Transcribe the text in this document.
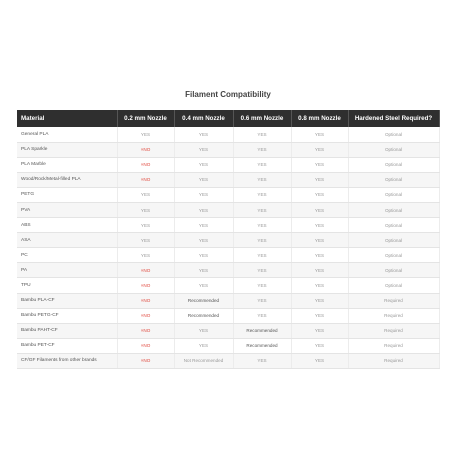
Filament Compatibility
Material	0.2 mm Nozzle	0.4 mm Nozzle	0.6 mm Nozzle	0.8 mm Nozzle	Hardened Steel Required?
General PLA	YES	YES	YES	YES	Optional
PLA Sparkle	×NO	YES	YES	YES	Optional
PLA Marble	×NO	YES	YES	YES	Optional
Wood/Rock/Metal-filled PLA	×NO	YES	YES	YES	Optional
PETG	YES	YES	YES	YES	Optional
PVA	YES	YES	YES	YES	Optional
ABS	YES	YES	YES	YES	Optional
ASA	YES	YES	YES	YES	Optional
PC	YES	YES	YES	YES	Optional
PA	×NO	YES	YES	YES	Optional
TPU	×NO	YES	YES	YES	Optional
Bambu PLA-CF	×NO	Recommended	YES	YES	Required
Bambu PETG-CF	×NO	Recommended	YES	YES	Required
Bambu PAHT-CF	×NO	YES	Recommended	YES	Required
Bambu PET-CF	×NO	YES	Recommended	YES	Required
CF/GF Filaments from other brands	×NO	Not Recommended	YES	YES	Required
